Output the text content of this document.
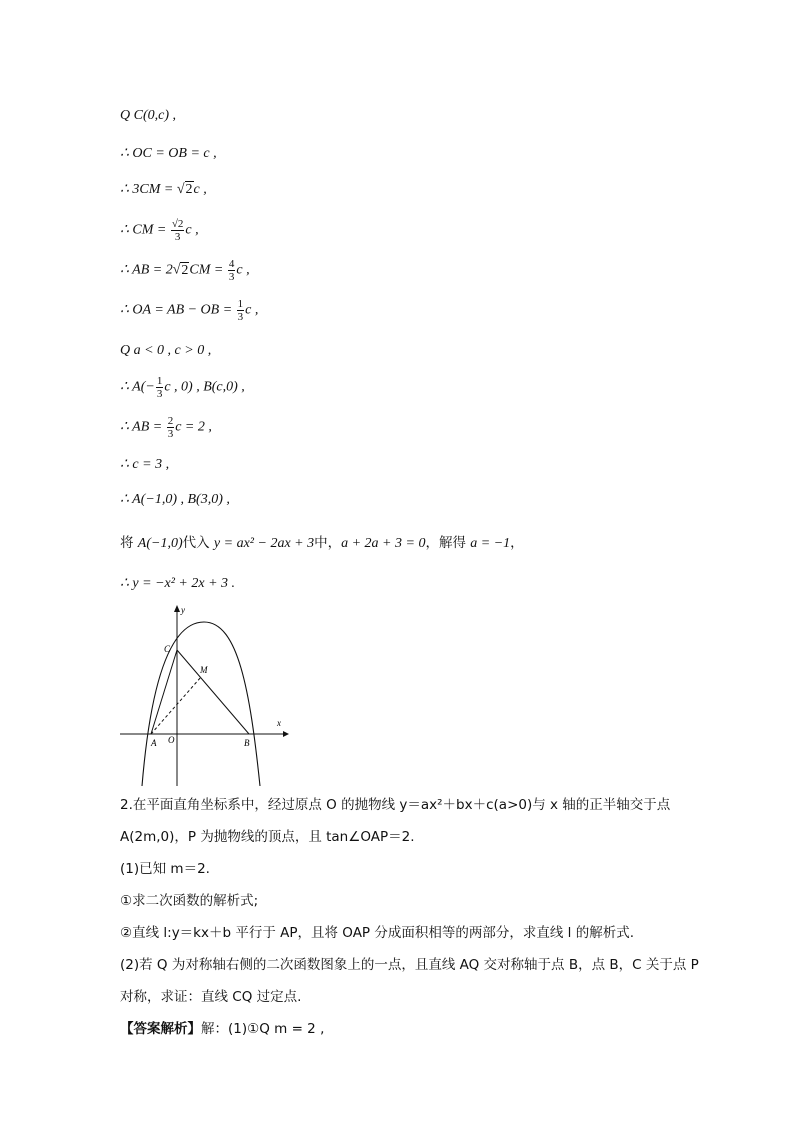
Q C(0,c) ,
∴ OC = OB = c ,
∴ 3CM = √2c ,
∴ CM = $\frac{√2}{3}$ c ,
∴ AB = $2√2CM = \frac{4}{3}$ c ,
∴ OA = AB − OB = $\frac{1}{3}$ c ,
Q a < 0 , c > 0 ,
∴ $A(- \frac{1}{3}$ c , 0) , B(c,0) ,
∴ AB = $\frac{2}{3}$ c = 2 ,
∴ c = 3 ,
∴ A(−1,0) , B(3,0) ,
将 A(−1,0)代入 y = ax² − 2ax + 3中，a + 2a + 3 = 0，解得 a = −1，
∴ y = −x² + 2x + 3 .
y
x
C
M
A O	B
2.在平面直角坐标系中，经过原点 O 的抛物线 y＝ax²＋bx＋c(a>0)与 x 轴的正半轴交于点
A(2m,0)，P 为抛物线的顶点，且 tan∠OAP＝2.
(1)已知 m＝2.
①求二次函数的解析式;
②直线 l:y＝kx＋b 平行于 AP，且将 OAP 分成面积相等的两部分，求直线 l 的解析式.
(2)若 Q 为对称轴右侧的二次函数图象上的一点，且直线 AQ 交对称轴于点 B，点 B，C 关于点 P
对称，求证：直线 CQ 过定点.
【答案解析】解：(1)①Q m = 2 ,
